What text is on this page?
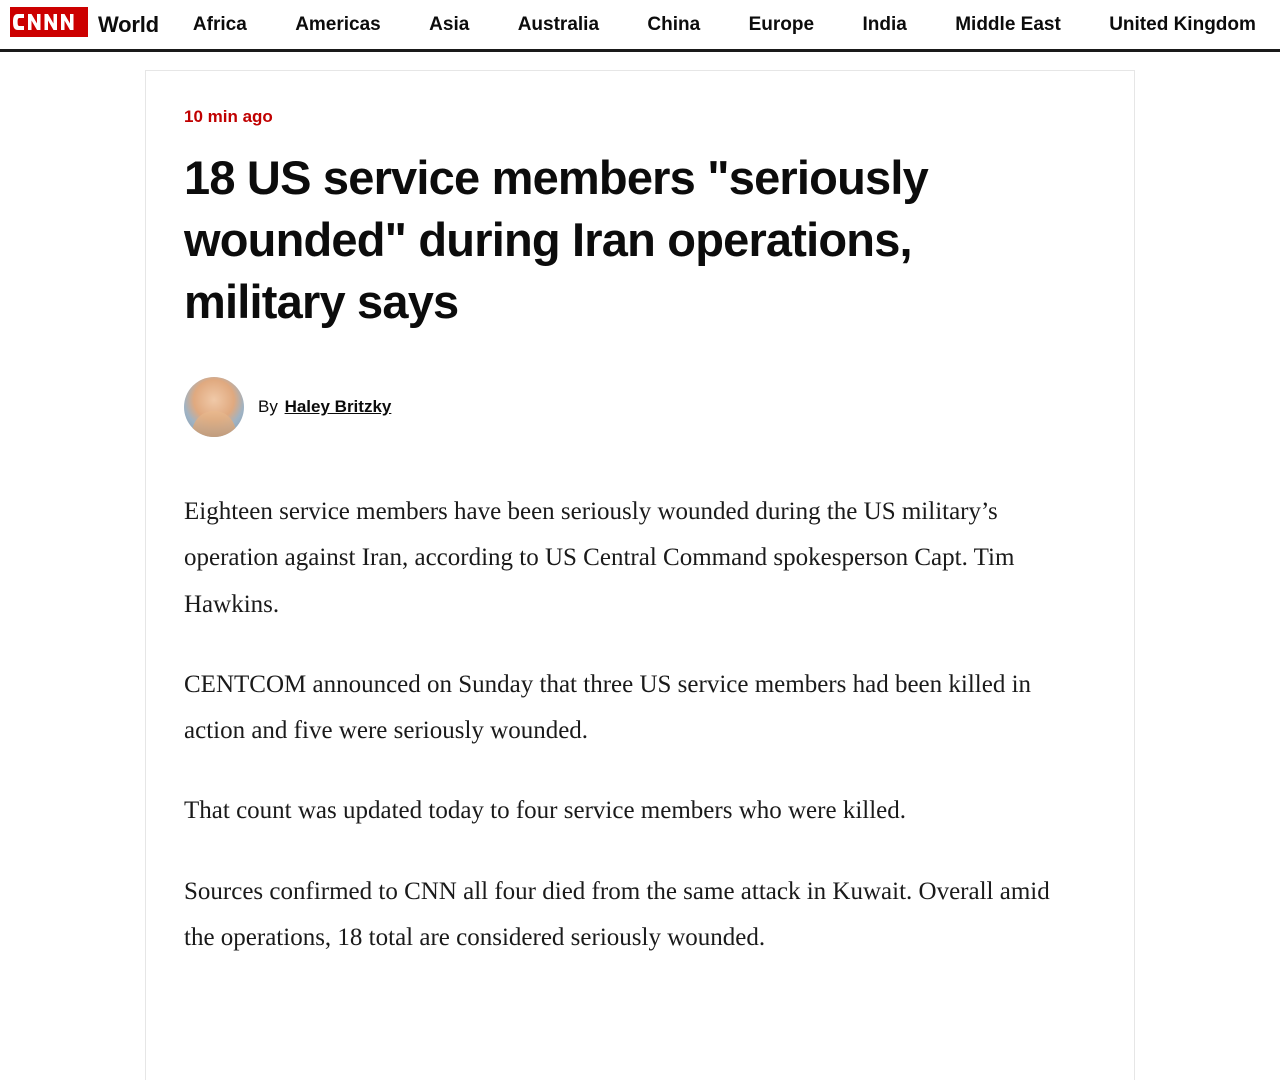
World	Africa	Americas	Asia	Australia	China	Europe	India	Middle East	United Kingdom
10 min ago
18 US service members "seriously wounded" during Iran operations, military says
By Haley Britzky

Eighteen service members have been seriously wounded during the US military’s operation against Iran, according to US Central Command spokesperson Capt. Tim Hawkins.

CENTCOM announced on Sunday that three US service members had been killed in action and five were seriously wounded.

That count was updated today to four service members who were killed.

Sources confirmed to CNN all four died from the same attack in Kuwait. Overall amid the operations, 18 total are considered seriously wounded.
